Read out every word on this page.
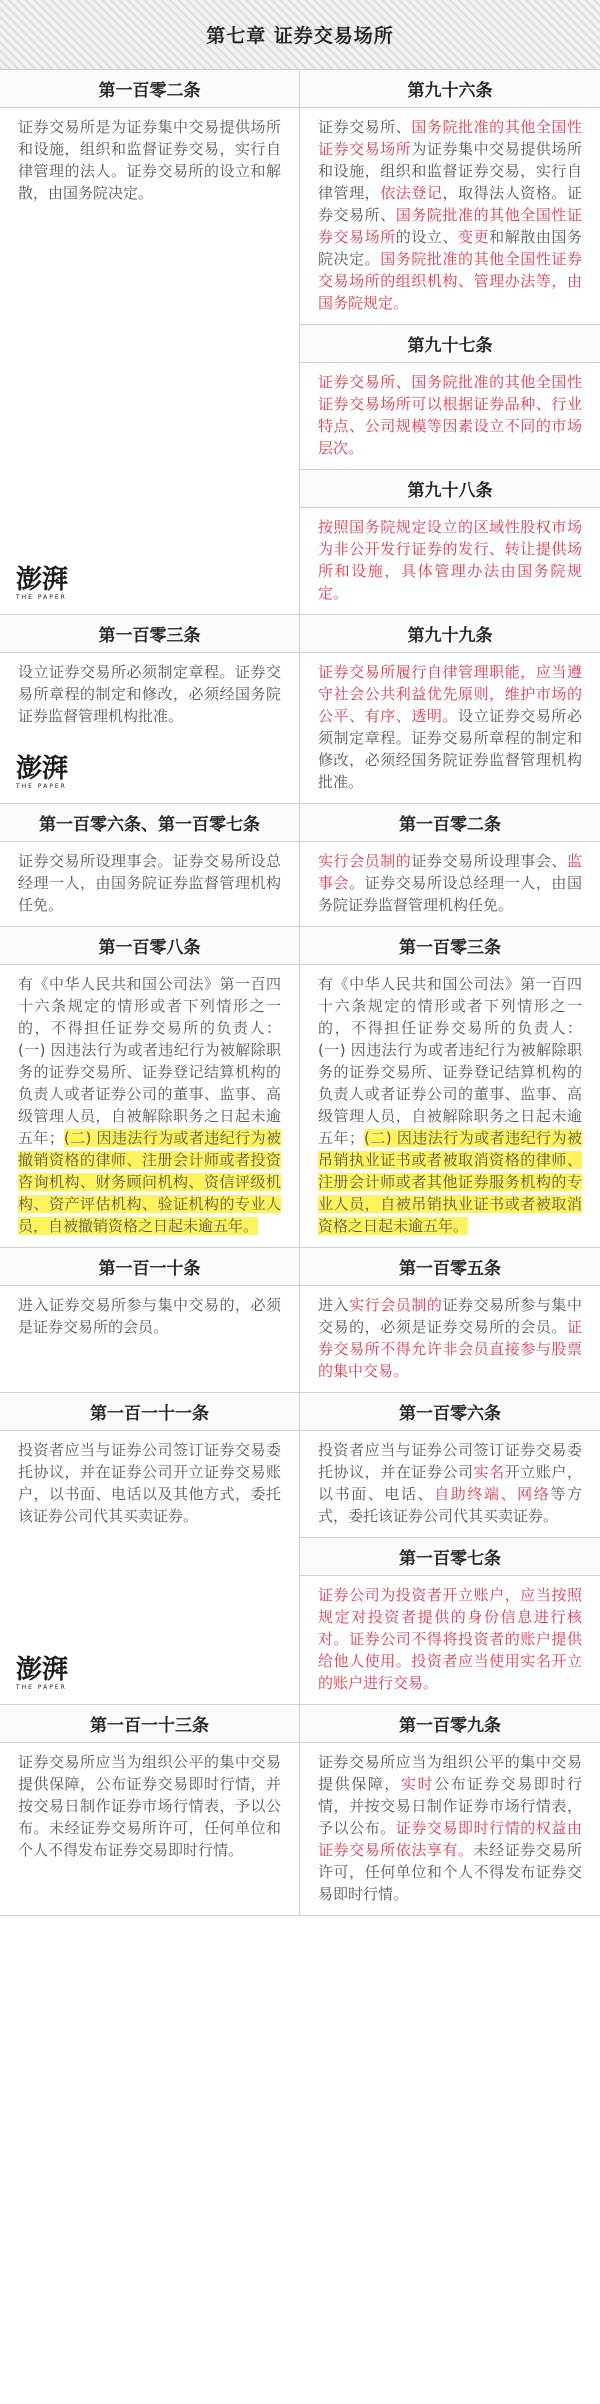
第七章 证券交易场所
第一百零二条
证券交易所是为证券集中交易提供场所和设施，组织和监督证券交易，实行自律管理的法人。证券交易所的设立和解散，由国务院决定。
澎湃
THE PAPER
第一百零三条
设立证券交易所必须制定章程。证券交易所章程的制定和修改，必须经国务院证券监督管理机构批准。
澎湃
THE PAPER
第一百零六条、第一百零七条
证券交易所设理事会。证券交易所设总经理一人，由国务院证券监督管理机构任免。
第一百零八条
有《中华人民共和国公司法》第一百四十六条规定的情形或者下列情形之一的，不得担任证券交易所的负责人：(一) 因违法行为或者违纪行为被解除职务的证券交易所、证券登记结算机构的负责人或者证券公司的董事、监事、高级管理人员，自被解除职务之日起未逾五年；(二) 因违法行为或者违纪行为被撤销资格的律师、注册会计师或者投资咨询机构、财务顾问机构、资信评级机构、资产评估机构、验证机构的专业人员，自被撤销资格之日起未逾五年。
第一百一十条
进入证券交易所参与集中交易的，必须是证券交易所的会员。
第一百一十一条
投资者应当与证券公司签订证券交易委托协议，并在证券公司开立证券交易账户，以书面、电话以及其他方式，委托该证券公司代其买卖证券。
澎湃
THE PAPER
第一百一十三条
证券交易所应当为组织公平的集中交易提供保障，公布证券交易即时行情，并按交易日制作证券市场行情表，予以公布。未经证券交易所许可，任何单位和个人不得发布证券交易即时行情。
第九十六条
证券交易所、国务院批准的其他全国性证券交易场所为证券集中交易提供场所和设施，组织和监督证券交易，实行自律管理，依法登记，取得法人资格。证券交易所、国务院批准的其他全国性证券交易场所的设立、变更和解散由国务院决定。国务院批准的其他全国性证券交易场所的组织机构、管理办法等，由国务院规定。
第九十七条
证券交易所、国务院批准的其他全国性证券交易场所可以根据证券品种、行业特点、公司规模等因素设立不同的市场层次。
第九十八条
按照国务院规定设立的区域性股权市场为非公开发行证券的发行、转让提供场所和设施，具体管理办法由国务院规定。
第九十九条
证券交易所履行自律管理职能，应当遵守社会公共利益优先原则，维护市场的公平、有序、透明。设立证券交易所必须制定章程。证券交易所章程的制定和修改，必须经国务院证券监督管理机构批准。
第一百零二条
实行会员制的证券交易所设理事会、监事会。证券交易所设总经理一人，由国务院证券监督管理机构任免。
第一百零三条
有《中华人民共和国公司法》第一百四十六条规定的情形或者下列情形之一的，不得担任证券交易所的负责人：(一) 因违法行为或者违纪行为被解除职务的证券交易所、证券登记结算机构的负责人或者证券公司的董事、监事、高级管理人员，自被解除职务之日起未逾五年；(二) 因违法行为或者违纪行为被吊销执业证书或者被取消资格的律师、注册会计师或者其他证券服务机构的专业人员，自被吊销执业证书或者被取消资格之日起未逾五年。
第一百零五条
进入实行会员制的证券交易所参与集中交易的，必须是证券交易所的会员。证券交易所不得允许非会员直接参与股票的集中交易。
第一百零六条
投资者应当与证券公司签订证券交易委托协议，并在证券公司实名开立账户，以书面、电话、自助终端、网络等方式，委托该证券公司代其买卖证券。
第一百零七条
证券公司为投资者开立账户，应当按照规定对投资者提供的身份信息进行核对。证券公司不得将投资者的账户提供给他人使用。投资者应当使用实名开立的账户进行交易。
第一百零九条
证券交易所应当为组织公平的集中交易提供保障，实时公布证券交易即时行情，并按交易日制作证券市场行情表，予以公布。证券交易即时行情的权益由证券交易所依法享有。未经证券交易所许可，任何单位和个人不得发布证券交易即时行情。
